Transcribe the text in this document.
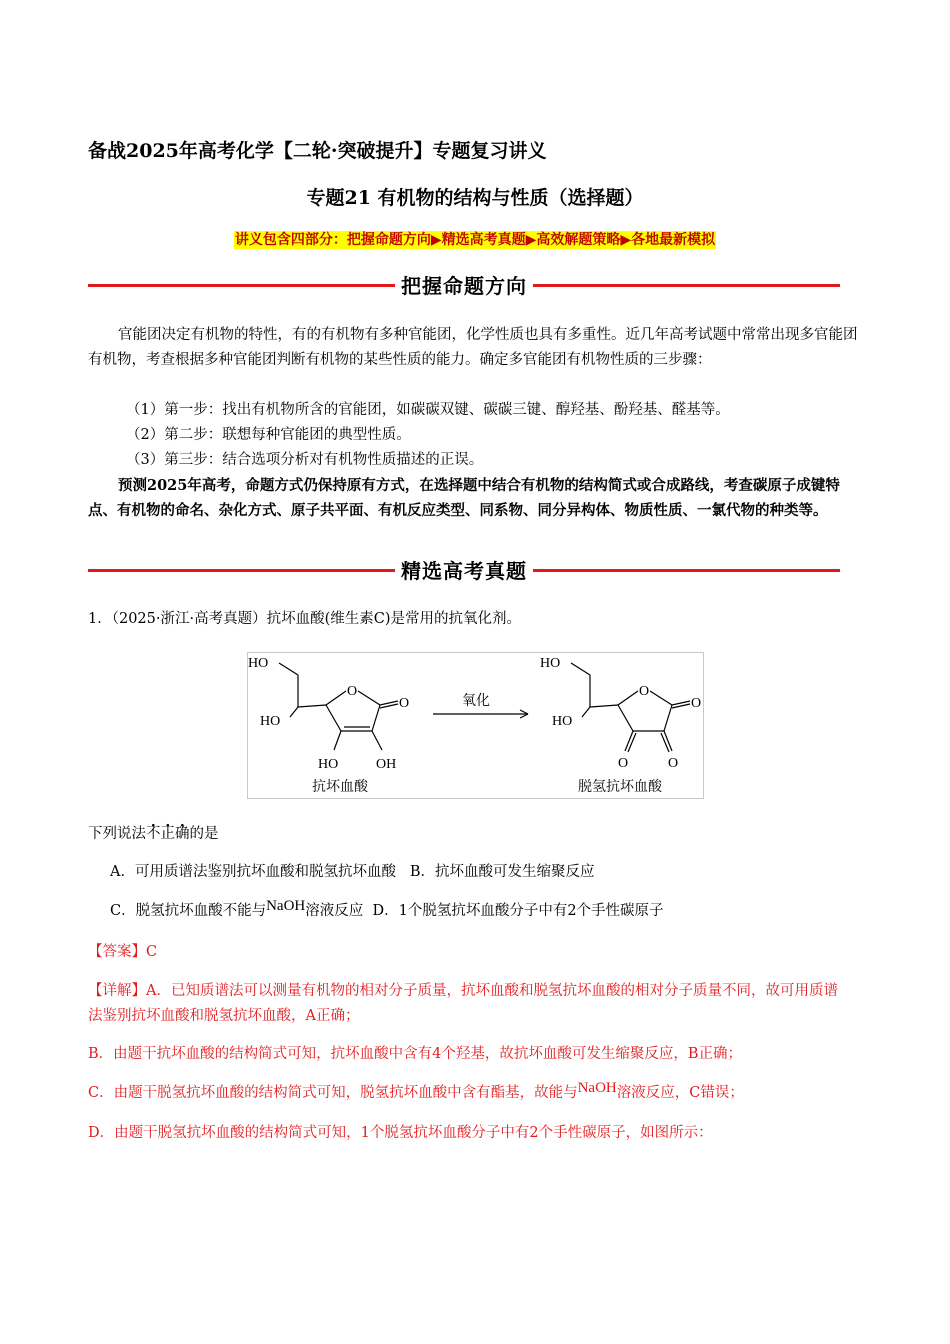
备战2025年高考化学【二轮·突破提升】专题复习讲义
专题21 有机物的结构与性质（选择题）
讲义包含四部分：把握命题方向▶精选高考真题▶高效解题策略▶各地最新模拟
把握命题方向
官能团决定有机物的特性，有的有机物有多种官能团，化学性质也具有多重性。近几年高考试题中常常出现多官能团有机物，考查根据多种官能团判断有机物的某些性质的能力。确定多官能团有机物性质的三步骤：
（1）第一步：找出有机物所含的官能团，如碳碳双键、碳碳三键、醇羟基、酚羟基、醛基等。
（2）第二步：联想每种官能团的典型性质。
（3）第三步：结合选项分析对有机物性质描述的正误。
预测2025年高考，命题方式仍保持原有方式，在选择题中结合有机物的结构简式或合成路线，考查碳原子成键特点、有机物的命名、杂化方式、原子共平面、有机反应类型、同系物、同分异构体、物质性质、一氯代物的种类等。
精选高考真题
1．（2025·浙江·高考真题）抗坏血酸(维生素C)是常用的抗氧化剂。
HO
HO
O
O
HO	OH
抗坏血酸
氧化
HO
HO
O
O
O	O
脱氢抗坏血酸
下列说法不正确的是
A．可用质谱法鉴别抗坏血酸和脱氢抗坏血酸 B．抗坏血酸可发生缩聚反应
C．脱氢抗坏血酸不能与NaOH溶液反应 D．1个脱氢抗坏血酸分子中有2个手性碳原子
【答案】C
【详解】A．已知质谱法可以测量有机物的相对分子质量，抗坏血酸和脱氢抗坏血酸的相对分子质量不同，故可用质谱法鉴别抗坏血酸和脱氢抗坏血酸，A正确；
B．由题干抗坏血酸的结构简式可知，抗坏血酸中含有4个羟基，故抗坏血酸可发生缩聚反应，B正确；
C．由题干脱氢抗坏血酸的结构简式可知，脱氢抗坏血酸中含有酯基，故能与NaOH溶液反应，C错误；
D．由题干脱氢抗坏血酸的结构简式可知，1个脱氢抗坏血酸分子中有2个手性碳原子，如图所示：
